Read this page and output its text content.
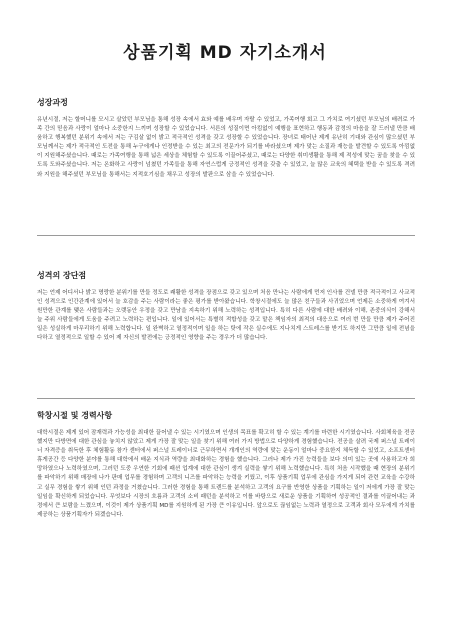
상품기획 MD 자기소개서

성장과정

유년시절, 저는 할머니를 모시고 살았던 부모님을 통해 성장 속에서 효와 예를 배우며 자랄 수 있었고, 가족여행 회고 그 가치로 여기셨던 부모님의 배려로 가족 간의 믿음과 사랑이 얼마나 소중한지 느끼며 성장할 수 있었습니다. 서른의 성질이면 아킴없이 예행을 표현하고 행동과 감정의 마음을 잘 드러낼 만큼 배움하고 행복했던 분위기 속에서 저는 구김살 없이 밝고 적극적인 성격을 갖고 성장할 수 있었습니다. 장녀로 태어난 제게 유난히 기대와 관심이 많으셨던 부모님께서는 제가 적극적인 도전을 통해 누구에게나 인정받을 수 있는 최고의 전문가가 되기를 바라셨으며 제가 맞는 소질과 재능을 발견할 수 있도록 아낌없이 지원해주셨습니다. 때로는 가족여행을 통해 넓은 세상을 체험할 수 있도록 이끌어주셨고, 때로는 다양한 취미생활을 통해 제 적성에 맞는 꿈을 찾을 수 있도록 도와주셨습니다. 저는 온화하고 사랑이 넘쳤던 가족들을 통해 자연스럽게 긍정적인 성격을 갖출 수 있었고, 늘 많은 교육의 혜택을 받을 수 있도록 격려와 지원을 해주셨던 부모님을 통해서는 지적호기심을 채우고 성장의 발판으로 삼을 수 있었습니다.

성격의 장단점

저는 언제 어디서나 밝고 명랑한 분위기를 만들 정도로 쾌활한 성격을 장점으로 갖고 있으며 처음 만나는 사람에게 먼저 인사를 건넬 만큼 적극적이고 사교적인 성격으로 인간관계에 있어서 늘 호감을 주는 사람이라는 좋은 평가를 받아왔습니다. 학창시절에도 늘 많은 친구들과 사귀었으며 언제든 소중하게 여겨서 원만한 관계를 맺은 사람들과는 오랫동안 우정을 갖고 만남을 지속하기 위해 노력하는 성격입니다. 특히 다른 사람에 대한 배려와 이해, 존중의식이 강해서 늘 주위 사람들에게 도움을 주려고 노력하는 편입니다. 일에 있어서는 특별히 적합성을 갖고 맡은 책임자의 최적의 대응으로 여러 번 만들 만큼 제가 주어진 일은 성실하게 마무리하기 위해 노력합니다. 일 완벽하고 열정적이며 일을 하는 탓에 작은 실수에도 지나치게 스트레스를 받기도 하지만 그만큼 일에 전념을 다하고 열정적으로 일할 수 있어 제 자신의 발전에는 긍정적인 영향을 주는 경우가 더 많습니다.

학창시절 및 경력사항

대학시절은 제게 있어 잠재력과 가능성을 최대한 끌어낼 수 있는 시기였으며 인생의 목표를 확고히 할 수 있는 계기를 마련한 시기였습니다. 사회체육을 전공했지만 다방면에 대한 관심을 놓치지 않았고 제게 가장 잘 맞는 일을 찾기 위해 여러 가지 방법으로 다양하게 경험했습니다. 전공을 살려 국제 퍼스널 트레이너 자격증을 취득한 후 체험활동 참가 센터에서 퍼스널 트레이너로 근무하면서 개개인의 역량에 맞는 운동이 얼마나 중요한지 체득할 수 있었고, 소프트센터 휴게공간 등 다양한 분야를 통해 대학에서 배운 지식과 역량을 최대화하는 경험을 했습니다. 그러나 제가 가진 능력들을 보다 의미 있는 곳에 사용하고자 희망하였으나 노력하였으며, 그러던 도중 우연한 기회에 패션 업계에 대한 관심이 생겨 실력을 쌓기 위해 노력했습니다. 특히 처음 시작했을 때 현장의 분위기를 파악하기 위해 매장에 나가 판매 업무를 경험하며 고객의 니즈를 파악하는 능력을 키웠고, 이후 상품기획 업무에 관심을 가지게 되어 관련 교육을 수강하고 실무 경험을 쌓기 위해 인턴 과정을 거쳤습니다. 그러한 경험을 통해 트렌드를 분석하고 고객의 요구를 반영한 상품을 기획하는 일이 저에게 가장 잘 맞는 일임을 확신하게 되었습니다. 무엇보다 시장의 흐름과 고객의 소비 패턴을 분석하고 이를 바탕으로 새로운 상품을 기획하여 성공적인 결과를 이끌어내는 과정에서 큰 보람을 느꼈으며, 이것이 제가 상품기획 MD를 지원하게 된 가장 큰 이유입니다. 앞으로도 끊임없는 노력과 열정으로 고객과 회사 모두에게 가치를 제공하는 상품기획자가 되겠습니다.
